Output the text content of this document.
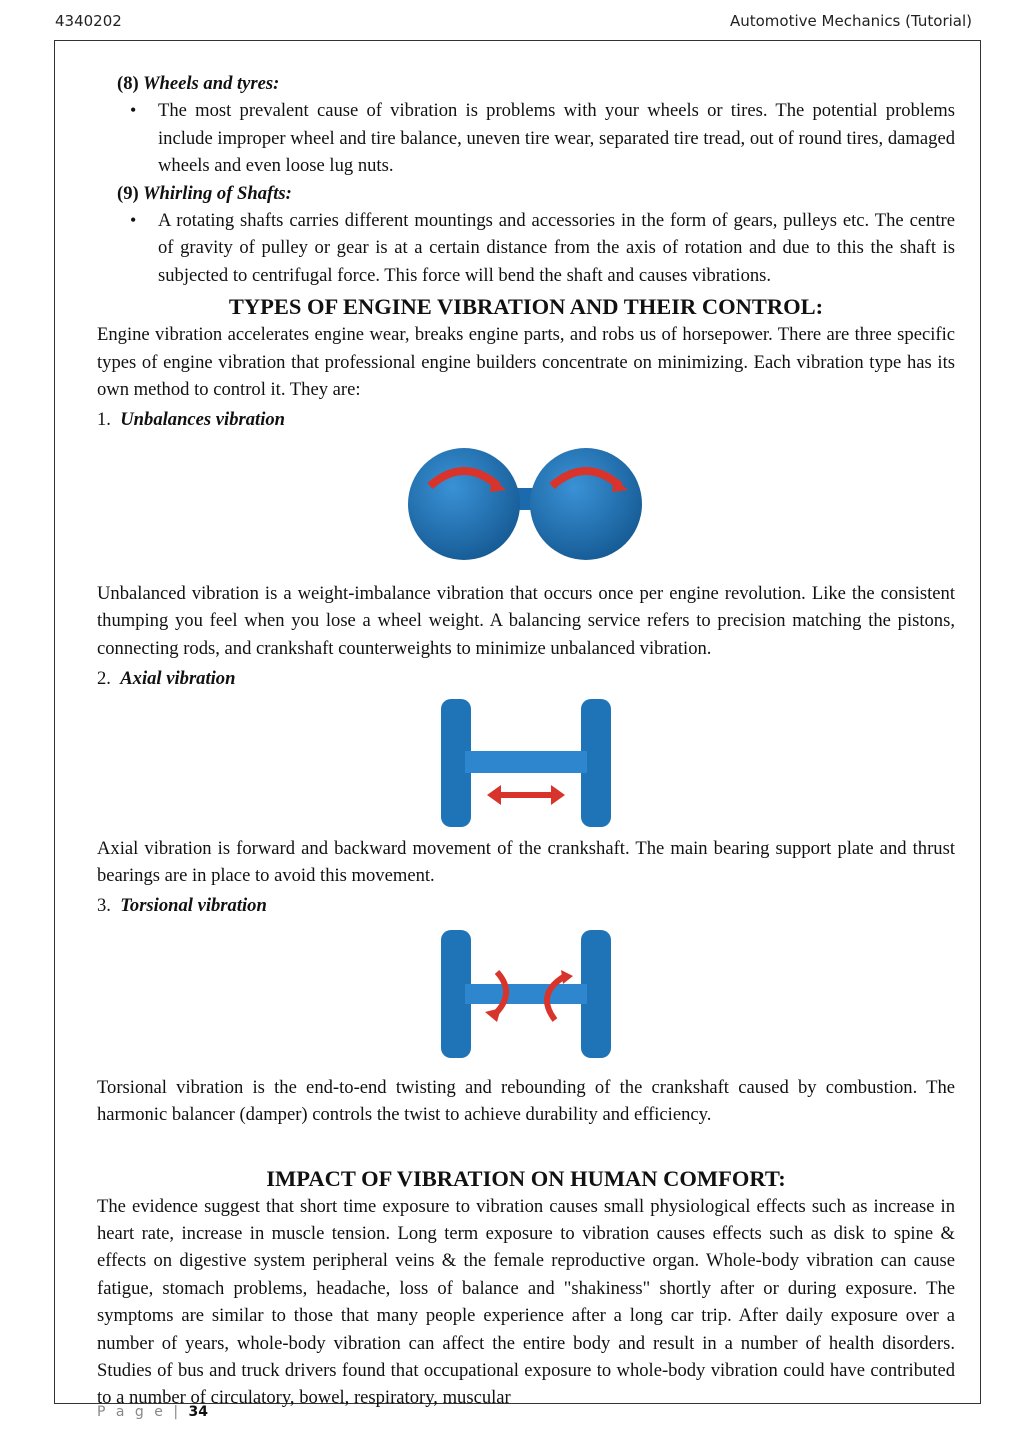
4340202	Automotive Mechanics (Tutorial)
(8) Wheels and tyres:
• The most prevalent cause of vibration is problems with your wheels or tires. The potential problems include improper wheel and tire balance, uneven tire wear, separated tire tread, out of round tires, damaged wheels and even loose lug nuts.
(9) Whirling of Shafts:
• A rotating shafts carries different mountings and accessories in the form of gears, pulleys etc. The centre of gravity of pulley or gear is at a certain distance from the axis of rotation and due to this the shaft is subjected to centrifugal force. This force will bend the shaft and causes vibrations.
TYPES OF ENGINE VIBRATION AND THEIR CONTROL:

Engine vibration accelerates engine wear, breaks engine parts, and robs us of horsepower. There are three specific types of engine vibration that professional engine builders concentrate on minimizing. Each vibration type has its own method to control it. They are:

1. Unbalances vibration

Unbalanced vibration is a weight-imbalance vibration that occurs once per engine revolution. Like the consistent thumping you feel when you lose a wheel weight. A balancing service refers to precision matching the pistons, connecting rods, and crankshaft counterweights to minimize unbalanced vibration.

2. Axial vibration

Axial vibration is forward and backward movement of the crankshaft. The main bearing support plate and thrust bearings are in place to avoid this movement.

3. Torsional vibration

Torsional vibration is the end-to-end twisting and rebounding of the crankshaft caused by combustion. The harmonic balancer (damper) controls the twist to achieve durability and efficiency.

IMPACT OF VIBRATION ON HUMAN COMFORT:

The evidence suggest that short time exposure to vibration causes small physiological effects such as increase in heart rate, increase in muscle tension. Long term exposure to vibration causes effects such as disk to spine & effects on digestive system peripheral veins & the female reproductive organ. Whole-body vibration can cause fatigue, stomach problems, headache, loss of balance and "shakiness" shortly after or during exposure. The symptoms are similar to those that many people experience after a long car trip. After daily exposure over a number of years, whole-body vibration can affect the entire body and result in a number of health disorders. Studies of bus and truck drivers found that occupational exposure to whole-body vibration could have contributed to a number of circulatory, bowel, respiratory, muscular

P a g e | 34
